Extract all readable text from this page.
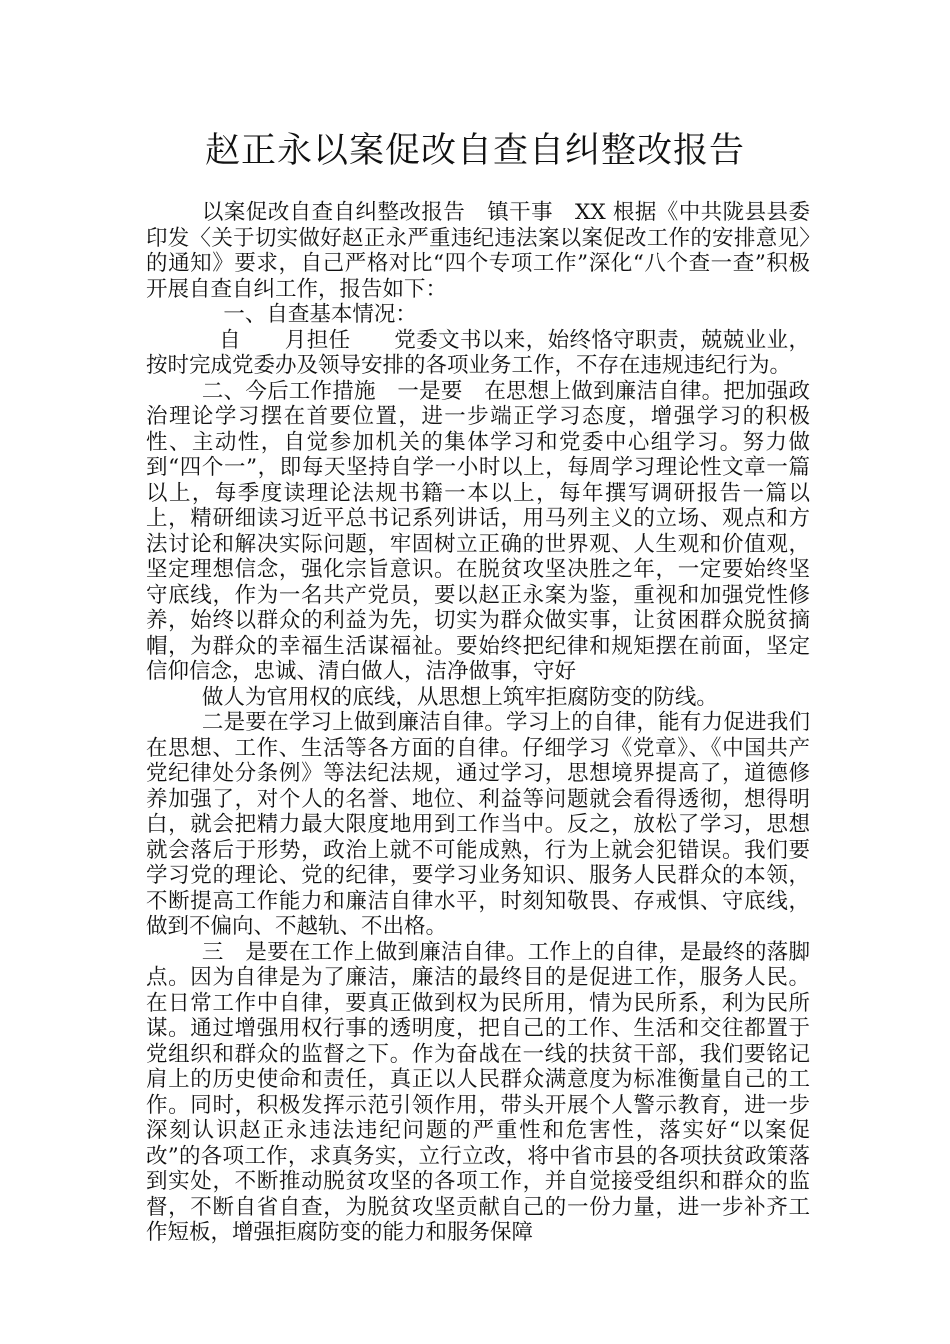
赵正永以案促改自查自纠整改报告

以案促改自查自纠整改报告　镇干事　XX 根据《中共陇县县委印发〈关于切实做好赵正永严重违纪违法案以案促改工作的安排意见〉的通知》要求，自己严格对比“四个专项工作”深化“八个查一查”积极开展自查自纠工作，报告如下：

一、自查基本情况：

自　　月担任　　党委文书以来，始终恪守职责，兢兢业业，按时完成党委办及领导安排的各项业务工作，不存在违规违纪行为。

二、今后工作措施　一是要　在思想上做到廉洁自律。把加强政治理论学习摆在首要位置，进一步端正学习态度，增强学习的积极性、主动性，自觉参加机关的集体学习和党委中心组学习。努力做到“四个一”，即每天坚持自学一小时以上，每周学习理论性文章一篇以上，每季度读理论法规书籍一本以上，每年撰写调研报告一篇以上，精研细读习近平总书记系列讲话，用马列主义的立场、观点和方法讨论和解决实际问题，牢固树立正确的世界观、人生观和价值观，坚定理想信念，强化宗旨意识。在脱贫攻坚决胜之年，一定要始终坚守底线，作为一名共产党员，要以赵正永案为鉴，重视和加强党性修养，始终以群众的利益为先，切实为群众做实事，让贫困群众脱贫摘帽，为群众的幸福生活谋福祉。要始终把纪律和规矩摆在前面，坚定信仰信念，忠诚、清白做人，洁净做事，守好

做人为官用权的底线，从思想上筑牢拒腐防变的防线。

二是要在学习上做到廉洁自律。学习上的自律，能有力促进我们在思想、工作、生活等各方面的自律。仔细学习《党章》、《中国共产党纪律处分条例》等法纪法规，通过学习，思想境界提高了，道德修养加强了，对个人的名誉、地位、利益等问题就会看得透彻，想得明白，就会把精力最大限度地用到工作当中。反之，放松了学习，思想就会落后于形势，政治上就不可能成熟，行为上就会犯错误。我们要学习党的理论、党的纪律，要学习业务知识、服务人民群众的本领，不断提高工作能力和廉洁自律水平，时刻知敬畏、存戒惧、守底线，做到不偏向、不越轨、不出格。

三　是要在工作上做到廉洁自律。工作上的自律，是最终的落脚点。因为自律是为了廉洁，廉洁的最终目的是促进工作，服务人民。在日常工作中自律，要真正做到权为民所用，情为民所系，利为民所谋。通过增强用权行事的透明度，把自己的工作、生活和交往都置于党组织和群众的监督之下。作为奋战在一线的扶贫干部，我们要铭记肩上的历史使命和责任，真正以人民群众满意度为标准衡量自己的工作。同时，积极发挥示范引领作用，带头开展个人警示教育，进一步深刻认识赵正永违法违纪问题的严重性和危害性，落实好“以案促改”的各项工作，求真务实，立行立改，将中省市县的各项扶贫政策落到实处，不断推动脱贫攻坚的各项工作，并自觉接受组织和群众的监督，不断自省自查，为脱贫攻坚贡献自己的一份力量，进一步补齐工作短板，增强拒腐防变的能力和服务保障
